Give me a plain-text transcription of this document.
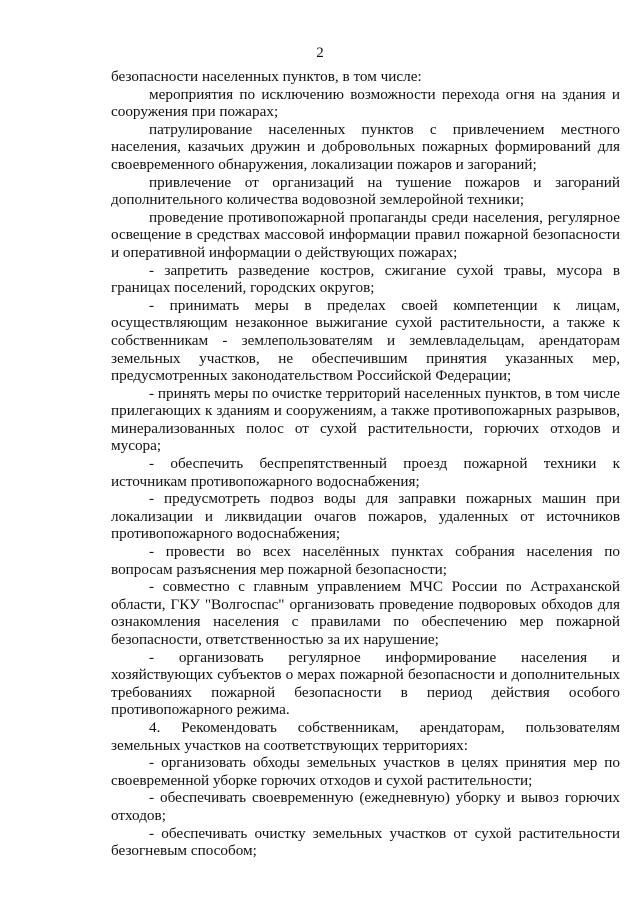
2

безопасности населенных пунктов, в том числе:

мероприятия по исключению возможности перехода огня на здания и сооружения при пожарах;

патрулирование населенных пунктов с привлечением местного населения, казачьих дружин и добровольных пожарных формирований для своевременного обнаружения, локализации пожаров и загораний;

привлечение от организаций на тушение пожаров и загораний дополнительного количества водовозной землеройной техники;

проведение противопожарной пропаганды среди населения, регулярное освещение в средствах массовой информации правил пожарной безопасности и оперативной информации о действующих пожарах;

- запретить разведение костров, сжигание сухой травы, мусора в границах поселений, городских округов;

- принимать меры в пределах своей компетенции к лицам, осуществляющим незаконное выжигание сухой растительности, а также к собственникам - землепользователям и землевладельцам, арендаторам земельных участков, не обеспечившим принятия указанных мер, предусмотренных законодательством Российской Федерации;

- принять меры по очистке территорий населенных пунктов, в том числе прилегающих к зданиям и сооружениям, а также противопожарных разрывов, минерализованных полос от сухой растительности, горючих отходов и мусора;

- обеспечить беспрепятственный проезд пожарной техники к источникам противопожарного водоснабжения;

- предусмотреть подвоз воды для заправки пожарных машин при локализации и ликвидации очагов пожаров, удаленных от источников противопожарного водоснабжения;

- провести во всех населённых пунктах собрания населения по вопросам разъяснения мер пожарной безопасности;

- совместно с главным управлением МЧС России по Астраханской области, ГКУ "Волгоспас" организовать проведение подворовых обходов для ознакомления населения с правилами по обеспечению мер пожарной безопасности, ответственностью за их нарушение;

- организовать регулярное информирование населения и хозяйствующих субъектов о мерах пожарной безопасности и дополнительных требованиях пожарной безопасности в период действия особого противопожарного режима.

4. Рекомендовать собственникам, арендаторам, пользователям земельных участков на соответствующих территориях:

- организовать обходы земельных участков в целях принятия мер по своевременной уборке горючих отходов и сухой растительности;

- обеспечивать своевременную (ежедневную) уборку и вывоз горючих отходов;

- обеспечивать очистку земельных участков от сухой растительности безогневым способом;
